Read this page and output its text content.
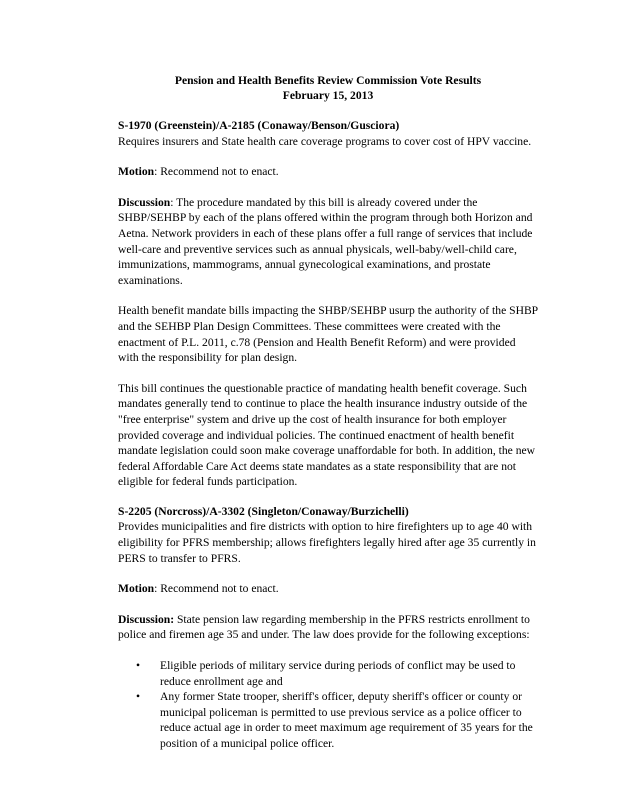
Pension and Health Benefits Review Commission Vote Results
February 15, 2013
S-1970 (Greenstein)/A-2185 (Conaway/Benson/Gusciora)
Requires insurers and State health care coverage programs to cover cost of HPV vaccine.

Motion: Recommend not to enact.

Discussion: The procedure mandated by this bill is already covered under the SHBP/SEHBP by each of the plans offered within the program through both Horizon and Aetna. Network providers in each of these plans offer a full range of services that include well-care and preventive services such as annual physicals, well-baby/well-child care, immunizations, mammograms, annual gynecological examinations, and prostate examinations.

Health benefit mandate bills impacting the SHBP/SEHBP usurp the authority of the SHBP and the SEHBP Plan Design Committees. These committees were created with the enactment of P.L. 2011, c.78 (Pension and Health Benefit Reform) and were provided with the responsibility for plan design.

This bill continues the questionable practice of mandating health benefit coverage. Such mandates generally tend to continue to place the health insurance industry outside of the "free enterprise" system and drive up the cost of health insurance for both employer provided coverage and individual policies. The continued enactment of health benefit mandate legislation could soon make coverage unaffordable for both. In addition, the new federal Affordable Care Act deems state mandates as a state responsibility that are not eligible for federal funds participation.

S-2205 (Norcross)/A-3302 (Singleton/Conaway/Burzichelli)
Provides municipalities and fire districts with option to hire firefighters up to age 40 with eligibility for PFRS membership; allows firefighters legally hired after age 35 currently in PERS to transfer to PFRS.

Motion: Recommend not to enact.

Discussion: State pension law regarding membership in the PFRS restricts enrollment to police and firemen age 35 and under. The law does provide for the following exceptions:

• Eligible periods of military service during periods of conflict may be used to reduce enrollment age and
• Any former State trooper, sheriff's officer, deputy sheriff's officer or county or municipal policeman is permitted to use previous service as a police officer to reduce actual age in order to meet maximum age requirement of 35 years for the position of a municipal police officer.
